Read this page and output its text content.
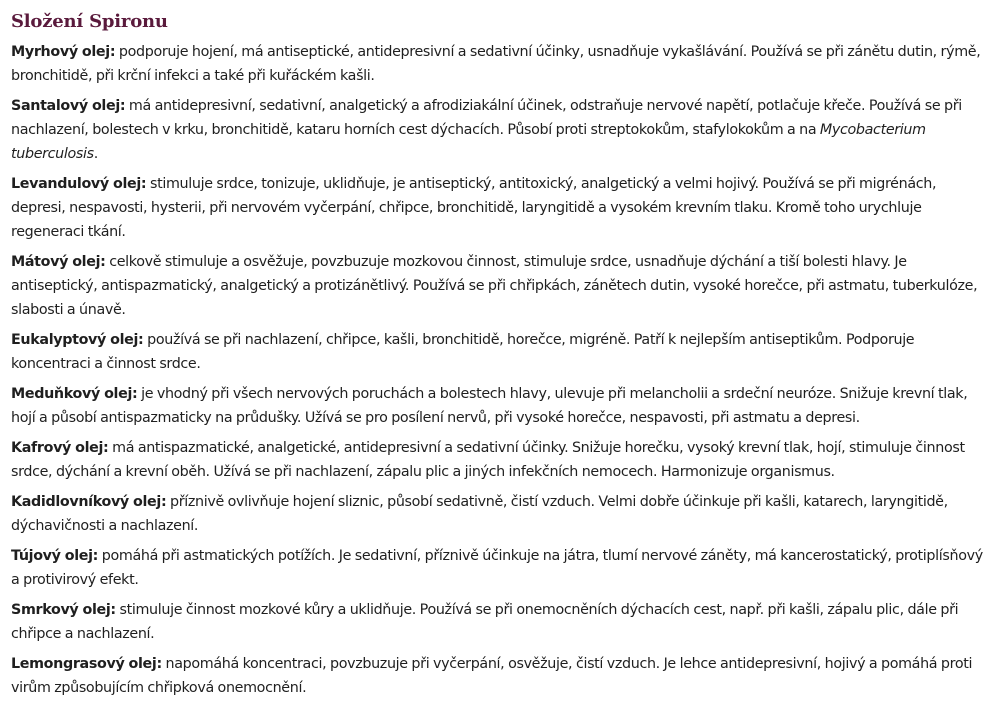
Složení Spironu

Myrhový olej: podporuje hojení, má antiseptické, antidepresivní a sedativní účinky, usnadňuje vykašlávání. Používá se při zánětu dutin, rýmě, bronchitidě, při krční infekci a také při kuřáckém kašli.

Santalový olej: má antidepresivní, sedativní, analgetický a afrodiziakální účinek, odstraňuje nervové napětí, potlačuje křeče. Používá se při nachlazení, bolestech v krku, bronchitidě, kataru horních cest dýchacích. Působí proti streptokokům, stafylokokům a na Mycobacterium tuberculosis.

Levandulový olej: stimuluje srdce, tonizuje, uklidňuje, je antiseptický, antitoxický, analgetický a velmi hojivý. Používá se při migrénách, depresi, nespavosti, hysterii, při nervovém vyčerpání, chřipce, bronchitidě, laryngitidě a vysokém krevním tlaku. Kromě toho urychluje regeneraci tkání.

Mátový olej: celkově stimuluje a osvěžuje, povzbuzuje mozkovou činnost, stimuluje srdce, usnadňuje dýchání a tiší bolesti hlavy. Je antiseptický, antispazmatický, analgetický a protizánětlivý. Používá se při chřipkách, zánětech dutin, vysoké horečce, při astmatu, tuberkulóze, slabosti a únavě.

Eukalyptový olej: používá se při nachlazení, chřipce, kašli, bronchitidě, horečce, migréně. Patří k nejlepším antiseptikům. Podporuje koncentraci a činnost srdce.

Meduňkový olej: je vhodný při všech nervových poruchách a bolestech hlavy, ulevuje při melancholii a srdeční neuróze. Snižuje krevní tlak, hojí a působí antispazmaticky na průdušky. Užívá se pro posílení nervů, při vysoké horečce, nespavosti, při astmatu a depresi.

Kafrový olej: má antispazmatické, analgetické, antidepresivní a sedativní účinky. Snižuje horečku, vysoký krevní tlak, hojí, stimuluje činnost srdce, dýchání a krevní oběh. Užívá se při nachlazení, zápalu plic a jiných infekčních nemocech. Harmonizuje organismus.

Kadidlovníkový olej: příznivě ovlivňuje hojení sliznic, působí sedativně, čistí vzduch. Velmi dobře účinkuje při kašli, katarech, laryngitidě, dýchavičnosti a nachlazení.

Tújový olej: pomáhá při astmatických potížích. Je sedativní, příznivě účinkuje na játra, tlumí nervové záněty, má kancerostatický, protiplísňový a protivirový efekt.

Smrkový olej: stimuluje činnost mozkové kůry a uklidňuje. Používá se při onemocněních dýchacích cest, např. při kašli, zápalu plic, dále při chřipce a nachlazení.

Lemongrasový olej: napomáhá koncentraci, povzbuzuje při vyčerpání, osvěžuje, čistí vzduch. Je lehce antidepresivní, hojivý a pomáhá proti virům způsobujícím chřipková onemocnění.
